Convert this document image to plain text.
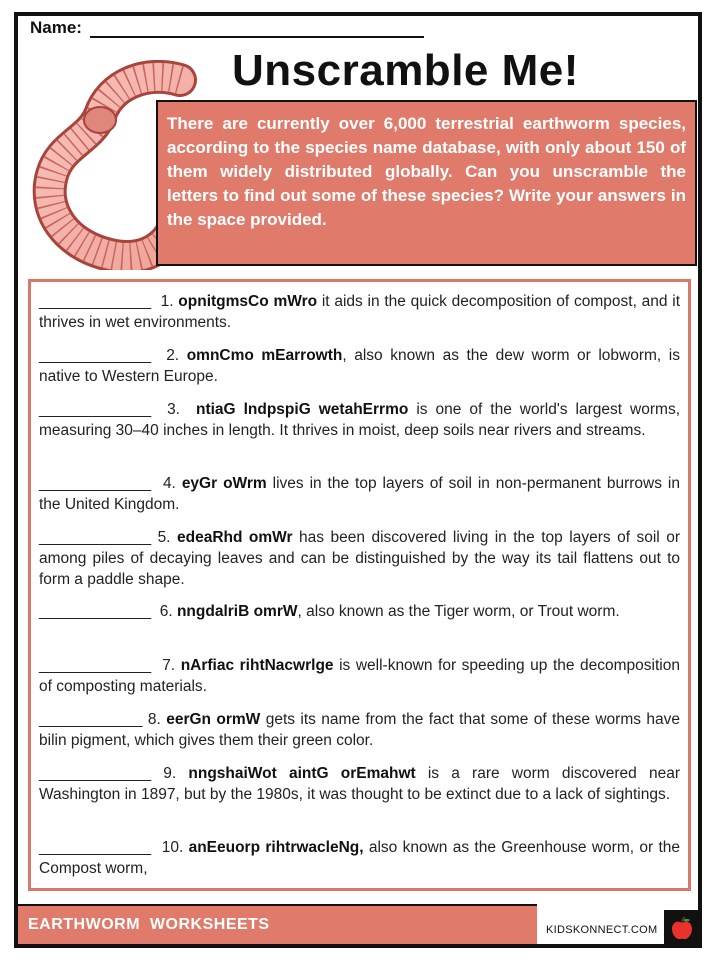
Name:
Unscramble Me!

There are currently over 6,000 terrestrial earthworm species, according to the species name database, with only about 150 of them widely distributed globally. Can you unscramble the letters to find out some of these species? Write your answers in the space provided.

_____________ 1. opnitgmsCo mWro it aids in the quick decomposition of compost, and it thrives in wet environments.

_____________ 2. omnCmo mEarrowth, also known as the dew worm or lobworm, is native to Western Europe.

_____________ 3. ntiaG lndpspiG wetahErrmo is one of the world's largest worms, measuring 30–40 inches in length. It thrives in moist, deep soils near rivers and streams.

_____________ 4. eyGr oWrm lives in the top layers of soil in non-permanent burrows in the United Kingdom.

_____________ 5. edeaRhd omWr has been discovered living in the top layers of soil or among piles of decaying leaves and can be distinguished by the way its tail flattens out to form a paddle shape.

_____________ 6. nngdalriB omrW, also known as the Tiger worm, or Trout worm.

_____________ 7. nArfiac rihtNacwrlge is well-known for speeding up the decomposition of composting materials.

____________ 8. eerGn ormW gets its name from the fact that some of these worms have bilin pigment, which gives them their green color.

_____________ 9. nngshaiWot aintG orEmahwt is a rare worm discovered near Washington in 1897, but by the 1980s, it was thought to be extinct due to a lack of sightings.

_____________ 10. anEeuorp rihtrwacleNg, also known as the Greenhouse worm, or the Compost worm,

EARTHWORM  WORKSHEETS	KIDSKONNECT.COM
